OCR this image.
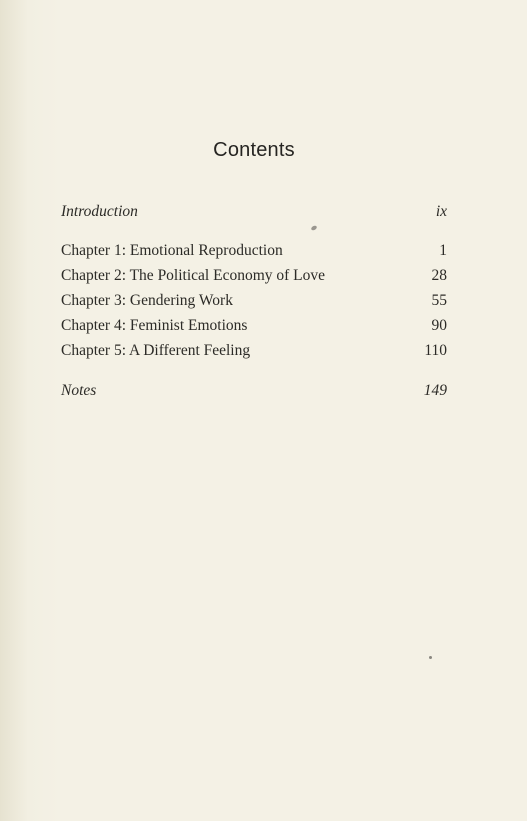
Contents
Introduction	ix
Chapter 1: Emotional Reproduction	1
Chapter 2: The Political Economy of Love	28
Chapter 3: Gendering Work	55
Chapter 4: Feminist Emotions	90
Chapter 5: A Different Feeling	110
Notes	149
